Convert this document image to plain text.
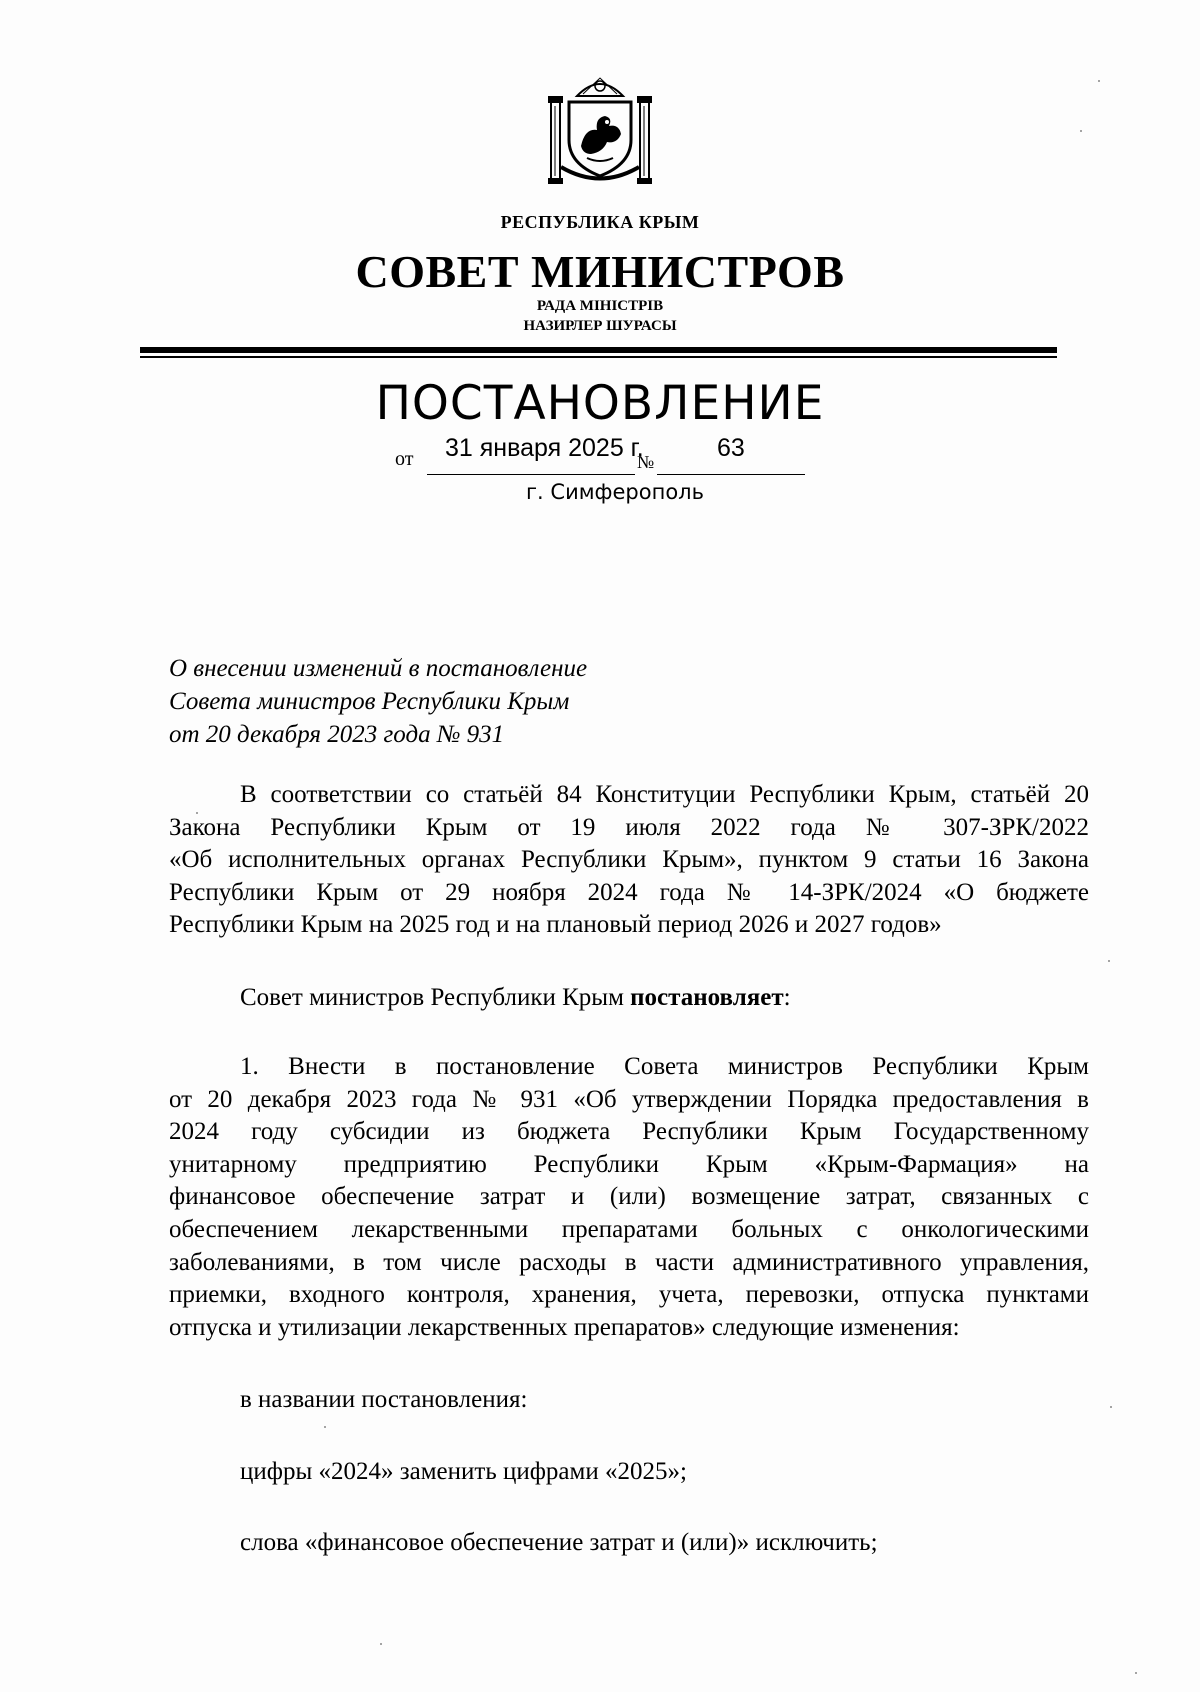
РЕСПУБЛИКА КРЫМ
СОВЕТ МИНИСТРОВ
РАДА МІНІСТРІВ
НАЗИРЛЕР ШУРАСЫ
ПОСТАНОВЛЕНИЕ
от 31 января 2025 г.
№	63
г. Симферополь
О внесении изменений в постановление
Совета министров Республики Крым
от 20 декабря 2023 года № 931
В соответствии со статьёй 84 Конституции Республики Крым, статьёй 20
Закона Республики Крым от 19 июля 2022 года № 307-ЗРК/2022
«Об исполнительных органах Республики Крым», пунктом 9 статьи 16 Закона
Республики Крым от 29 ноября 2024 года № 14-ЗРК/2024 «О бюджете
Республики Крым на 2025 год и на плановый период 2026 и 2027 годов»
Совет министров Республики Крым постановляет:
1. Внести в постановление Совета министров Республики Крым
от 20 декабря 2023 года № 931 «Об утверждении Порядка предоставления в
2024 году субсидии из бюджета Республики Крым Государственному
унитарному предприятию Республики Крым «Крым-Фармация» на
финансовое обеспечение затрат и (или) возмещение затрат, связанных с
обеспечением лекарственными препаратами больных с онкологическими
заболеваниями, в том числе расходы в части административного управления,
приемки, входного контроля, хранения, учета, перевозки, отпуска пунктами
отпуска и утилизации лекарственных препаратов» следующие изменения:
в названии постановления:
цифры «2024» заменить цифрами «2025»;
слова «финансовое обеспечение затрат и (или)» исключить;
